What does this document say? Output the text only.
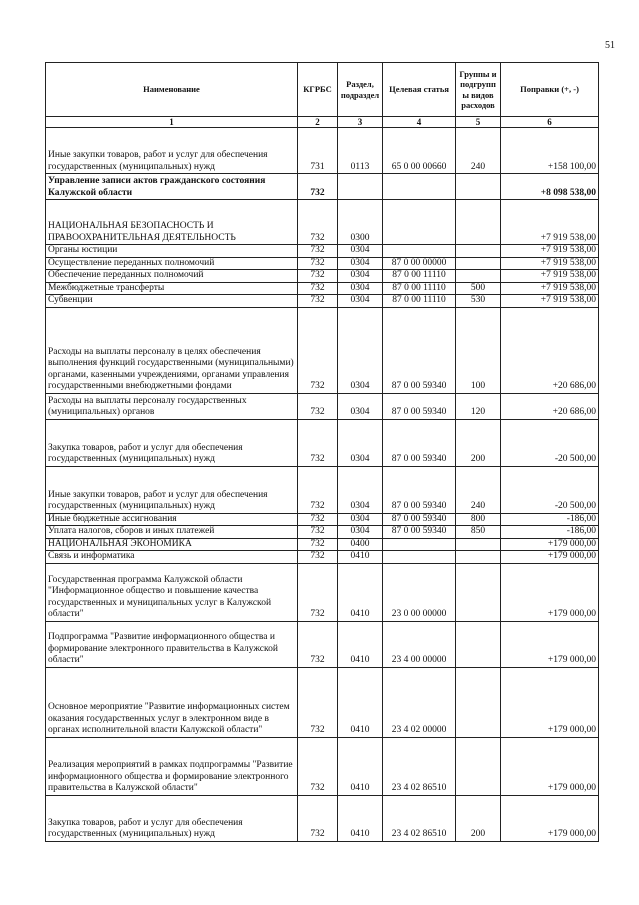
51
Наименование	КГРБС	Раздел, подраздел	Целевая статья	Группы и подгрупп ы видов расходов	Поправки (+, -)
1	2	3	4	5	6
Иные закупки товаров, работ и услуг для обеспечения государственных (муниципальных) нужд	731	0113	65 0 00 00660	240	+158 100,00
Управление записи актов гражданского состояния Калужской области	732				+8 098 538,00
НАЦИОНАЛЬНАЯ БЕЗОПАСНОСТЬ И ПРАВООХРАНИТЕЛЬНАЯ ДЕЯТЕЛЬНОСТЬ	732	0300			+7 919 538,00
Органы юстиции	732	0304			+7 919 538,00
Осуществление переданных полномочий	732	0304	87 0 00 00000		+7 919 538,00
Обеспечение переданных полномочий	732	0304	87 0 00 11110		+7 919 538,00
Межбюджетные трансферты	732	0304	87 0 00 11110	500	+7 919 538,00
Субвенции	732	0304	87 0 00 11110	530	+7 919 538,00
Расходы на выплаты персоналу в целях обеспечения выполнения функций государственными (муниципальными) органами, казенными учреждениями, органами управления государственными внебюджетными фондами	732	0304	87 0 00 59340	100	+20 686,00
Расходы на выплаты персоналу государственных (муниципальных) органов	732	0304	87 0 00 59340	120	+20 686,00
Закупка товаров, работ и услуг для обеспечения государственных (муниципальных) нужд	732	0304	87 0 00 59340	200	-20 500,00
Иные закупки товаров, работ и услуг для обеспечения государственных (муниципальных) нужд	732	0304	87 0 00 59340	240	-20 500,00
Иные бюджетные ассигнования	732	0304	87 0 00 59340	800	-186,00
Уплата налогов, сборов и иных платежей	732	0304	87 0 00 59340	850	-186,00
НАЦИОНАЛЬНАЯ ЭКОНОМИКА	732	0400			+179 000,00
Связь и информатика	732	0410			+179 000,00
Государственная программа Калужской области "Информационное общество и повышение качества государственных и муниципальных услуг в Калужской области"	732	0410	23 0 00 00000		+179 000,00
Подпрограмма "Развитие информационного общества и формирование электронного правительства в Калужской области"	732	0410	23 4 00 00000		+179 000,00
Основное мероприятие "Развитие информационных систем оказания государственных услуг в электронном виде в органах исполнительной власти Калужской области"	732	0410	23 4 02 00000		+179 000,00
Реализация мероприятий в рамках подпрограммы "Развитие информационного общества и формирование электронного правительства в Калужской области"	732	0410	23 4 02 86510		+179 000,00
Закупка товаров, работ и услуг для обеспечения государственных (муниципальных) нужд	732	0410	23 4 02 86510	200	+179 000,00
